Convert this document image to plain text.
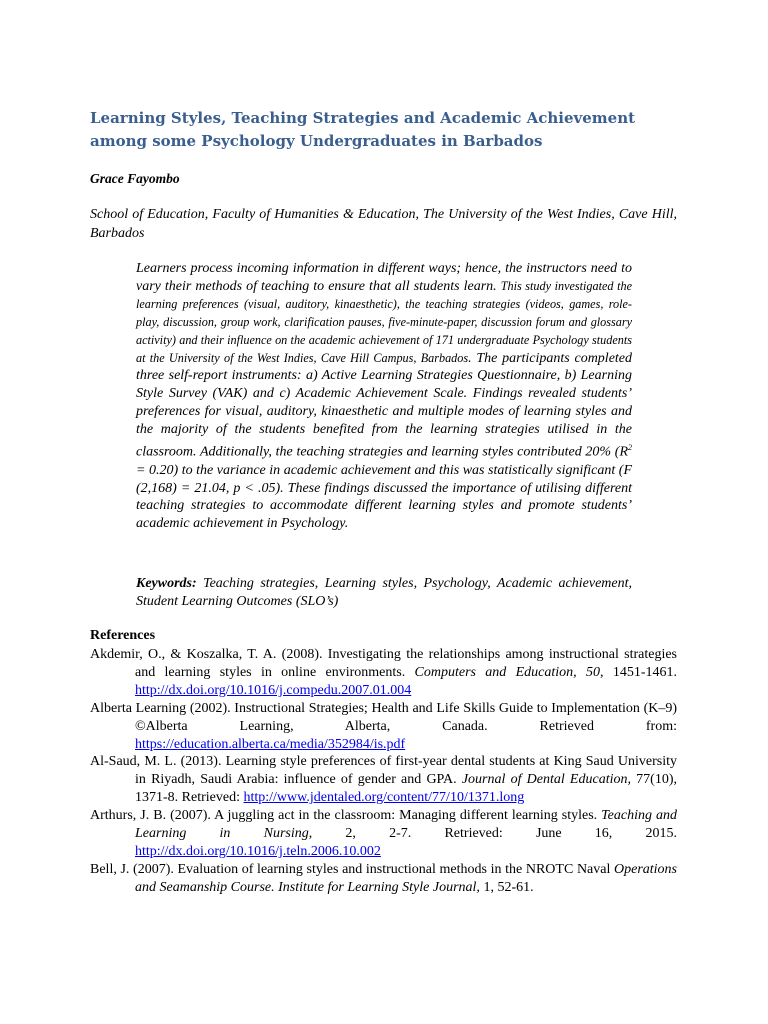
Learning Styles, Teaching Strategies and Academic Achievement among some Psychology Undergraduates in Barbados
Grace Fayombo
School of Education, Faculty of Humanities & Education, The University of the West Indies, Cave Hill, Barbados

Learners process incoming information in different ways; hence, the instructors need to vary their methods of teaching to ensure that all students learn. This study investigated the learning preferences (visual, auditory, kinaesthetic), the teaching strategies (videos, games, role-play, discussion, group work, clarification pauses, five-minute-paper, discussion forum and glossary activity) and their influence on the academic achievement of 171 undergraduate Psychology students at the University of the West Indies, Cave Hill Campus, Barbados. The participants completed three self-report instruments: a) Active Learning Strategies Questionnaire, b) Learning Style Survey (VAK) and c) Academic Achievement Scale. Findings revealed students’ preferences for visual, auditory, kinaesthetic and multiple modes of learning styles and the majority of the students benefited from the learning strategies utilised in the classroom. Additionally, the teaching strategies and learning styles contributed 20% $(R^2 = 0.20)$ to the variance in academic achievement and this was statistically significant (F (2,168) = 21.04, p < .05). These findings discussed the importance of utilising different teaching strategies to accommodate different learning styles and promote students’ academic achievement in Psychology.

Keywords: Teaching strategies, Learning styles, Psychology, Academic achievement, Student Learning Outcomes (SLO’s)

References
Akdemir, O., & Koszalka, T. A. (2008). Investigating the relationships among instructional strategies and learning styles in online environments. Computers and Education, 50, 1451-1461. http://dx.doi.org/10.1016/j.compedu.2007.01.004
Alberta Learning (2002). Instructional Strategies; Health and Life Skills Guide to Implementation (K–9) ©Alberta Learning, Alberta, Canada. Retrieved from: https://education.alberta.ca/media/352984/is.pdf
Al-Saud, M. L. (2013). Learning style preferences of first-year dental students at King Saud University in Riyadh, Saudi Arabia: influence of gender and GPA. Journal of Dental Education, 77(10), 1371-8. Retrieved: http://www.jdentaled.org/content/77/10/1371.long
Arthurs, J. B. (2007). A juggling act in the classroom: Managing different learning styles. Teaching and Learning in Nursing, 2, 2-7. Retrieved: June 16, 2015. http://dx.doi.org/10.1016/j.teln.2006.10.002
Bell, J. (2007). Evaluation of learning styles and instructional methods in the NROTC Naval Operations and Seamanship Course. Institute for Learning Style Journal, 1, 52-61.
